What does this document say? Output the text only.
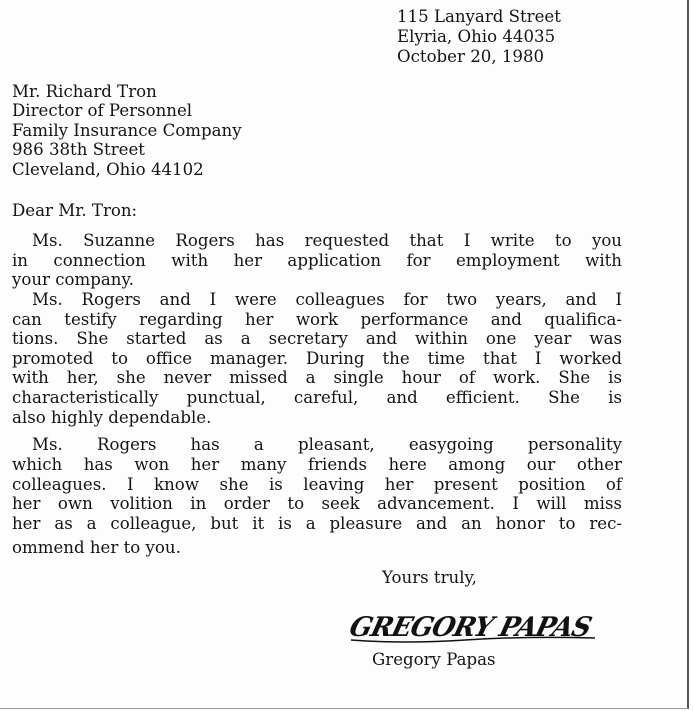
115 Lanyard Street
Elyria, Ohio 44035
October 20, 1980
Mr. Richard Tron
Director of Personnel
Family Insurance Company
986 38th Street
Cleveland, Ohio 44102
Dear Mr. Tron:
Ms. Suzanne Rogers has requested that I write to you
in connection with her application for employment with
your company.
Ms. Rogers and I were colleagues for two years, and I
can testify regarding her work performance and qualifica-
tions. She started as a secretary and within one year was
promoted to office manager. During the time that I worked
with her, she never missed a single hour of work. She is
characteristically punctual, careful, and efficient. She is
also highly dependable.
Ms. Rogers has a pleasant, easygoing personality
which has won her many friends here among our other
colleagues. I know she is leaving her present position of
her own volition in order to seek advancement. I will miss
her as a colleague, but it is a pleasure and an honor to rec-
ommend her to you.
Yours truly,
GREGORY PAPAS
Gregory Papas
